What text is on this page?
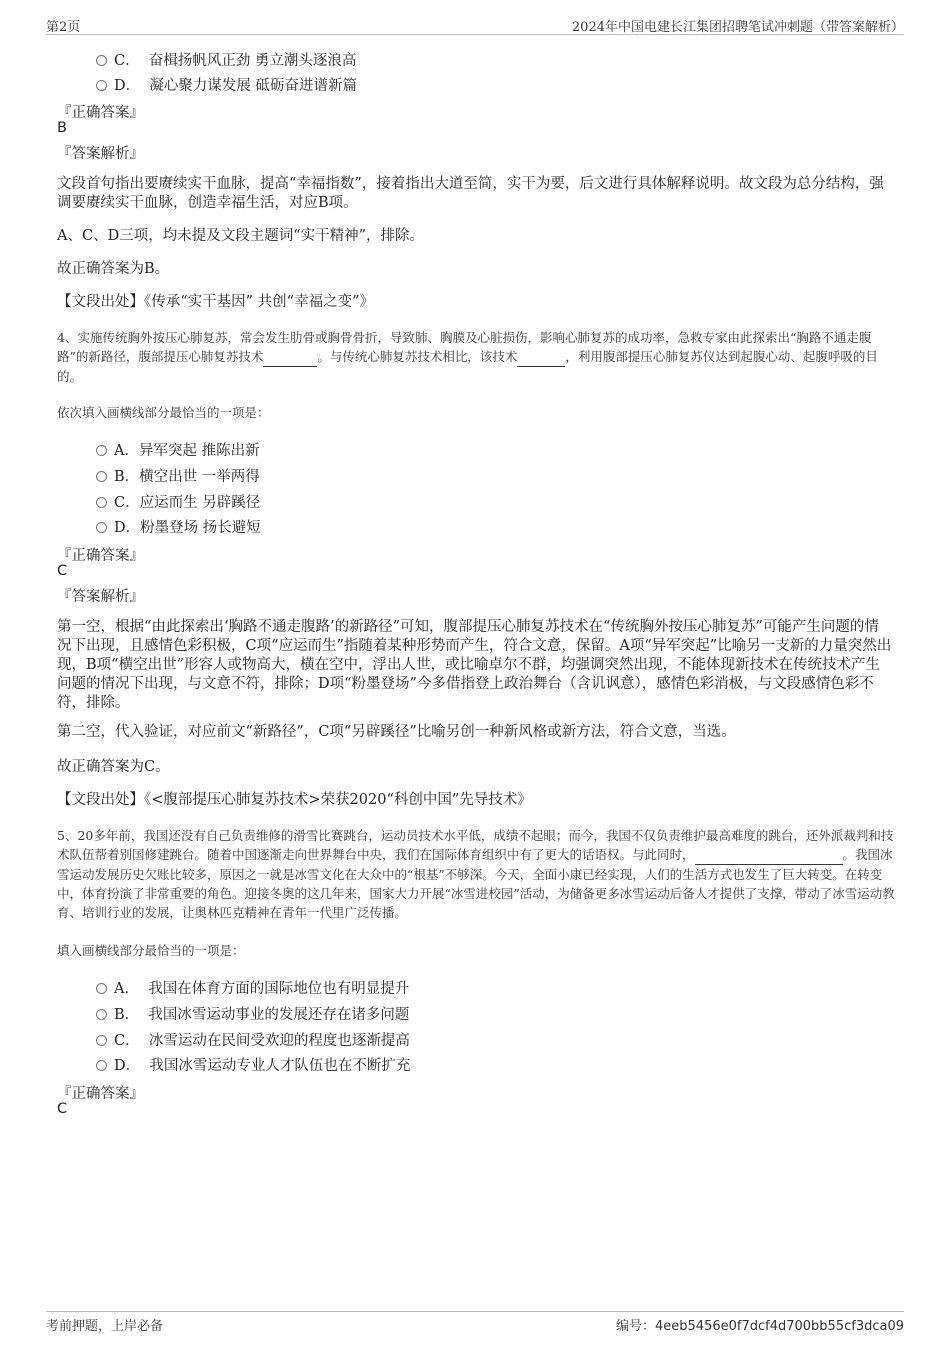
第2页	2024年中国电建长江集团招聘笔试冲刺题（带答案解析）
C． 奋楫扬帆风正劲 勇立潮头逐浪高
D． 凝心聚力谋发展 砥砺奋进谱新篇
『正确答案』
B
『答案解析』
文段首句指出要赓续实干血脉，提高“幸福指数”，接着指出大道至简，实干为要，后文进行具体解释说明。故文段为总分结构，强调要赓续实干血脉，创造幸福生活，对应B项。
A、C、D三项，均未提及文段主题词“实干精神”，排除。
故正确答案为B。
【文段出处】《传承“实干基因” 共创“幸福之变”》
4、实施传统胸外按压心肺复苏，常会发生肋骨或胸骨骨折，导致肺、胸膜及心脏损伤，影响心肺复苏的成功率，急救专家由此探索出“胸路不通走腹路”的新路径，腹部提压心肺复苏技术	。与传统心肺复苏技术相比，该技术	，利用腹部提压心肺复苏仪达到起腹心动、起腹呼吸的目的。
依次填入画横线部分最恰当的一项是：
A．异军突起 推陈出新
B．横空出世 一举两得
C．应运而生 另辟蹊径
D．粉墨登场 扬长避短
『正确答案』
C
『答案解析』
第一空，根据“由此探索出‘胸路不通走腹路’的新路径”可知，腹部提压心肺复苏技术在“传统胸外按压心肺复苏”可能产生问题的情况下出现，且感情色彩积极，C项“应运而生”指随着某种形势而产生，符合文意，保留。A项“异军突起”比喻另一支新的力量突然出现，B项“横空出世”形容人或物高大，横在空中，浮出人世，或比喻卓尔不群，均强调突然出现，不能体现新技术在传统技术产生问题的情况下出现，与文意不符，排除；D项“粉墨登场”今多借指登上政治舞台（含讥讽意），感情色彩消极，与文段感情色彩不符，排除。
第二空，代入验证，对应前文“新路径”，C项“另辟蹊径”比喻另创一种新风格或新方法，符合文意，当选。
故正确答案为C。
【文段出处】《<腹部提压心肺复苏技术>荣获2020“科创中国”先导技术》
5、20多年前，我国还没有自己负责维修的滑雪比赛跳台，运动员技术水平低，成绩不起眼；而今，我国不仅负责维护最高难度的跳台，还外派裁判和技术队伍帮着别国修建跳台。随着中国逐渐走向世界舞台中央，我们在国际体育组织中有了更大的话语权。与此同时，	。我国冰雪运动发展历史欠账比较多，原因之一就是冰雪文化在大众中的“根基”不够深。今天，全面小康已经实现，人们的生活方式也发生了巨大转变。在转变中，体育扮演了非常重要的角色。迎接冬奥的这几年来，国家大力开展“冰雪进校园”活动，为储备更多冰雪运动后备人才提供了支撑，带动了冰雪运动教育、培训行业的发展，让奥林匹克精神在青年一代里广泛传播。
填入画横线部分最恰当的一项是：
A． 我国在体育方面的国际地位也有明显提升
B． 我国冰雪运动事业的发展还存在诸多问题
C． 冰雪运动在民间受欢迎的程度也逐渐提高
D． 我国冰雪运动专业人才队伍也在不断扩充
『正确答案』
C
考前押题，上岸必备	编号：4eeb5456e0f7dcf4d700bb55cf3dca09
